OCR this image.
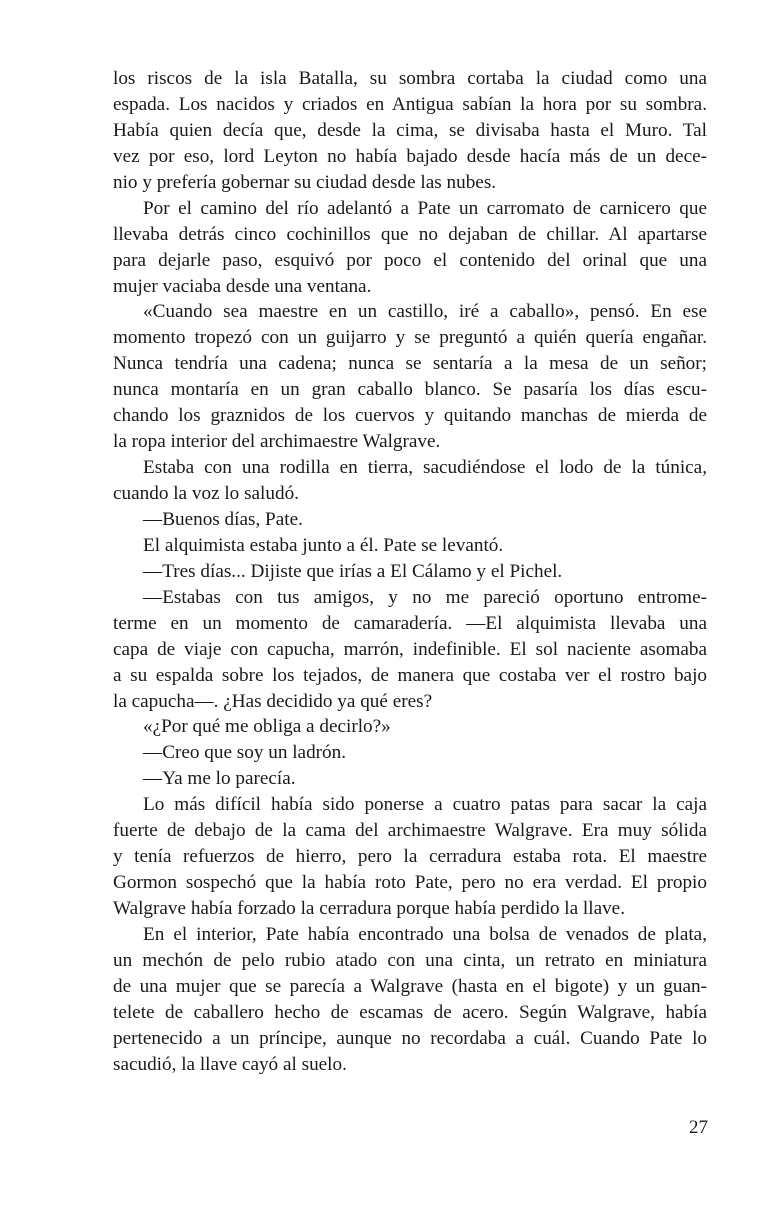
los riscos de la isla Batalla, su sombra cortaba la ciudad como una
espada. Los nacidos y criados en Antigua sabían la hora por su sombra.
Había quien decía que, desde la cima, se divisaba hasta el Muro. Tal
vez por eso, lord Leyton no había bajado desde hacía más de un dece-
nio y prefería gobernar su ciudad desde las nubes.
Por el camino del río adelantó a Pate un carromato de carnicero que
llevaba detrás cinco cochinillos que no dejaban de chillar. Al apartarse
para dejarle paso, esquivó por poco el contenido del orinal que una
mujer vaciaba desde una ventana.
«Cuando sea maestre en un castillo, iré a caballo», pensó. En ese
momento tropezó con un guijarro y se preguntó a quién quería engañar.
Nunca tendría una cadena; nunca se sentaría a la mesa de un señor;
nunca montaría en un gran caballo blanco. Se pasaría los días escu-
chando los graznidos de los cuervos y quitando manchas de mierda de
la ropa interior del archimaestre Walgrave.
Estaba con una rodilla en tierra, sacudiéndose el lodo de la túnica,
cuando la voz lo saludó.
—Buenos días, Pate.
El alquimista estaba junto a él. Pate se levantó.
—Tres días... Dijiste que irías a El Cálamo y el Pichel.
—Estabas con tus amigos, y no me pareció oportuno entrome-
terme en un momento de camaradería. —El alquimista llevaba una
capa de viaje con capucha, marrón, indefinible. El sol naciente asomaba
a su espalda sobre los tejados, de manera que costaba ver el rostro bajo
la capucha—. ¿Has decidido ya qué eres?
«¿Por qué me obliga a decirlo?»
—Creo que soy un ladrón.
—Ya me lo parecía.
Lo más difícil había sido ponerse a cuatro patas para sacar la caja
fuerte de debajo de la cama del archimaestre Walgrave. Era muy sólida
y tenía refuerzos de hierro, pero la cerradura estaba rota. El maestre
Gormon sospechó que la había roto Pate, pero no era verdad. El propio
Walgrave había forzado la cerradura porque había perdido la llave.
En el interior, Pate había encontrado una bolsa de venados de plata,
un mechón de pelo rubio atado con una cinta, un retrato en miniatura
de una mujer que se parecía a Walgrave (hasta en el bigote) y un guan-
telete de caballero hecho de escamas de acero. Según Walgrave, había
pertenecido a un príncipe, aunque no recordaba a cuál. Cuando Pate lo
sacudió, la llave cayó al suelo.
27
